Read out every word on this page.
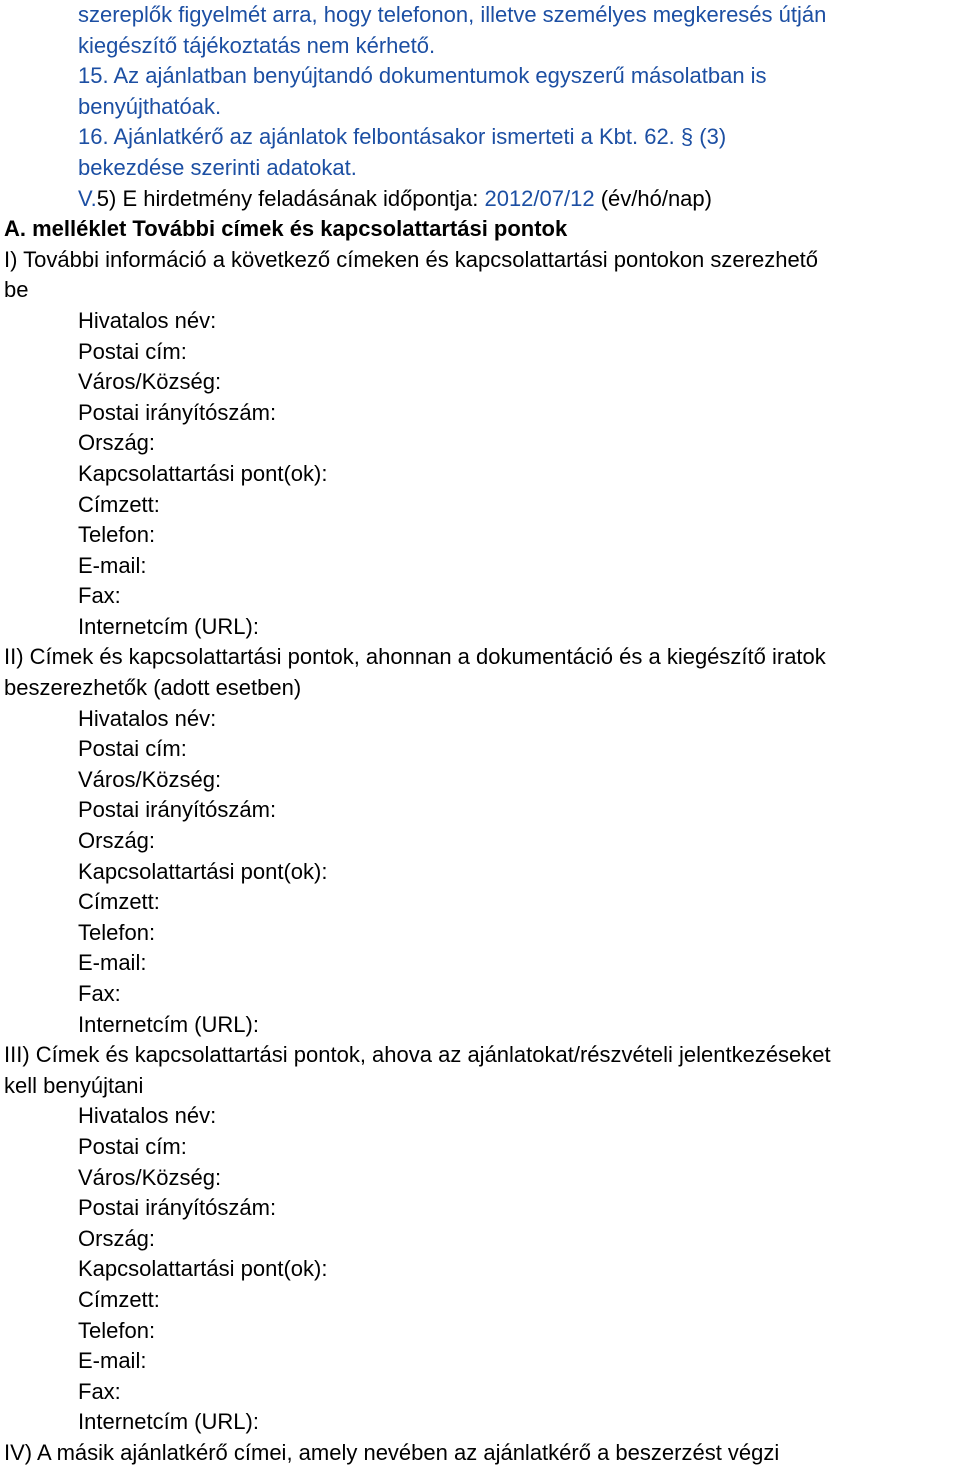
szereplők figyelmét arra, hogy telefonon, illetve személyes megkeresés útján
kiegészítő tájékoztatás nem kérhető.
15. Az ajánlatban benyújtandó dokumentumok egyszerű másolatban is
benyújthatóak.
16. Ajánlatkérő az ajánlatok felbontásakor ismerteti a Kbt. 62. § (3)
bekezdése szerinti adatokat.
V.5) E hirdetmény feladásának időpontja: 2012/07/12 (év/hó/nap)
A. melléklet További címek és kapcsolattartási pontok
I) További információ a következő címeken és kapcsolattartási pontokon szerezhető
be
Hivatalos név:
Postai cím:
Város/Község:
Postai irányítószám:
Ország:
Kapcsolattartási pont(ok):
Címzett:
Telefon:
E-mail:
Fax:
Internetcím (URL):
II) Címek és kapcsolattartási pontok, ahonnan a dokumentáció és a kiegészítő iratok
beszerezhetők (adott esetben)
Hivatalos név:
Postai cím:
Város/Község:
Postai irányítószám:
Ország:
Kapcsolattartási pont(ok):
Címzett:
Telefon:
E-mail:
Fax:
Internetcím (URL):
III) Címek és kapcsolattartási pontok, ahova az ajánlatokat/részvételi jelentkezéseket
kell benyújtani
Hivatalos név:
Postai cím:
Város/Község:
Postai irányítószám:
Ország:
Kapcsolattartási pont(ok):
Címzett:
Telefon:
E-mail:
Fax:
Internetcím (URL):
IV) A másik ajánlatkérő címei, amely nevében az ajánlatkérő a beszerzést végzi
